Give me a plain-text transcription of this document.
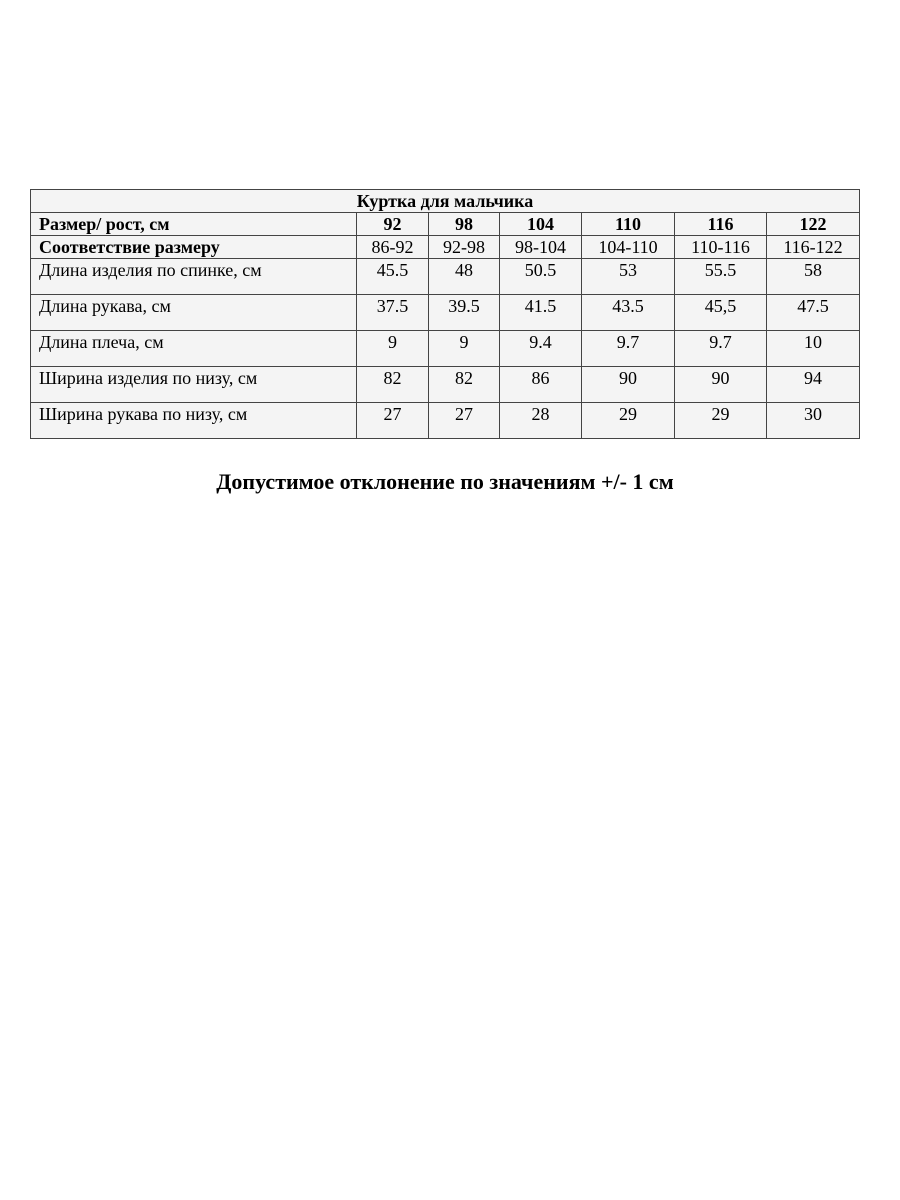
Куртка для мальчика						
Размер/ рост, см	92	98	104	110	116	122
Соответствие размеру	86-92	92-98	98-104	104-110	110-116	116-122
Длина изделия по спинке, см	45.5	48	50.5	53	55.5	58
Длина рукава, см	37.5	39.5	41.5	43.5	45,5	47.5
Длина плеча, см	9	9	9.4	9.7	9.7	10
Ширина изделия по низу, см	82	82	86	90	90	94
Ширина рукава по низу, см	27	27	28	29	29	30
Допустимое отклонение по значениям +/- 1 см
